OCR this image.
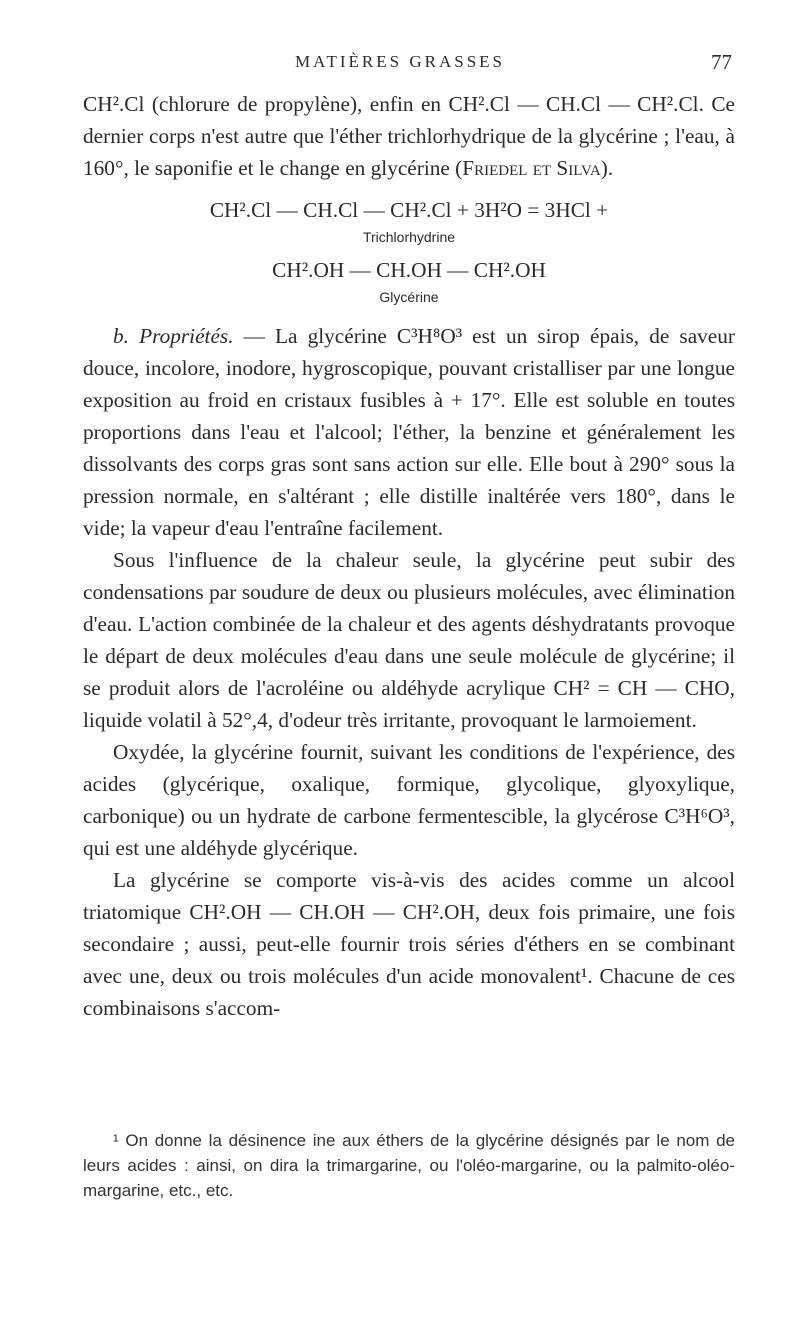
MATIÈRES GRASSES	77

CH².Cl (chlorure de propylène), enfin en CH².Cl — CH.Cl — CH².Cl. Ce dernier corps n'est autre que l'éther trichlorhydrique de la glycérine ; l'eau, à 160°, le saponifie et le change en glycérine (Friedel et Silva).

CH².Cl — CH.Cl — CH².Cl + 3H²O = 3HCl +

Trichlorhydrine

CH².OH — CH.OH — CH².OH

Glycérine

b. Propriétés. — La glycérine C³H⁸O³ est un sirop épais, de saveur douce, incolore, inodore, hygroscopique, pouvant cristalliser par une longue exposition au froid en cristaux fusibles à + 17°. Elle est soluble en toutes proportions dans l'eau et l'alcool; l'éther, la benzine et généralement les dissolvants des corps gras sont sans action sur elle. Elle bout à 290° sous la pression normale, en s'altérant ; elle distille inaltérée vers 180°, dans le vide; la vapeur d'eau l'entraîne facilement.

Sous l'influence de la chaleur seule, la glycérine peut subir des condensations par soudure de deux ou plusieurs molécules, avec élimination d'eau. L'action combinée de la chaleur et des agents déshydratants provoque le départ de deux molécules d'eau dans une seule molécule de glycérine; il se produit alors de l'acroléine ou aldéhyde acrylique CH² = CH — CHO, liquide volatil à 52°,4, d'odeur très irritante, provoquant le larmoiement.

Oxydée, la glycérine fournit, suivant les conditions de l'expérience, des acides (glycérique, oxalique, formique, glycolique, glyoxylique, carbonique) ou un hydrate de carbone fermentescible, la glycérose C³H⁶O³, qui est une aldéhyde glycérique.

La glycérine se comporte vis-à-vis des acides comme un alcool triatomique CH².OH — CH.OH — CH².OH, deux fois primaire, une fois secondaire ; aussi, peut-elle fournir trois séries d'éthers en se combinant avec une, deux ou trois molécules d'un acide monovalent¹. Chacune de ces combinaisons s'accom-

¹ On donne la désinence ine aux éthers de la glycérine désignés par le nom de leurs acides : ainsi, on dira la trimargarine, ou l'oléo-margarine, ou la palmito-oléo-margarine, etc., etc.
